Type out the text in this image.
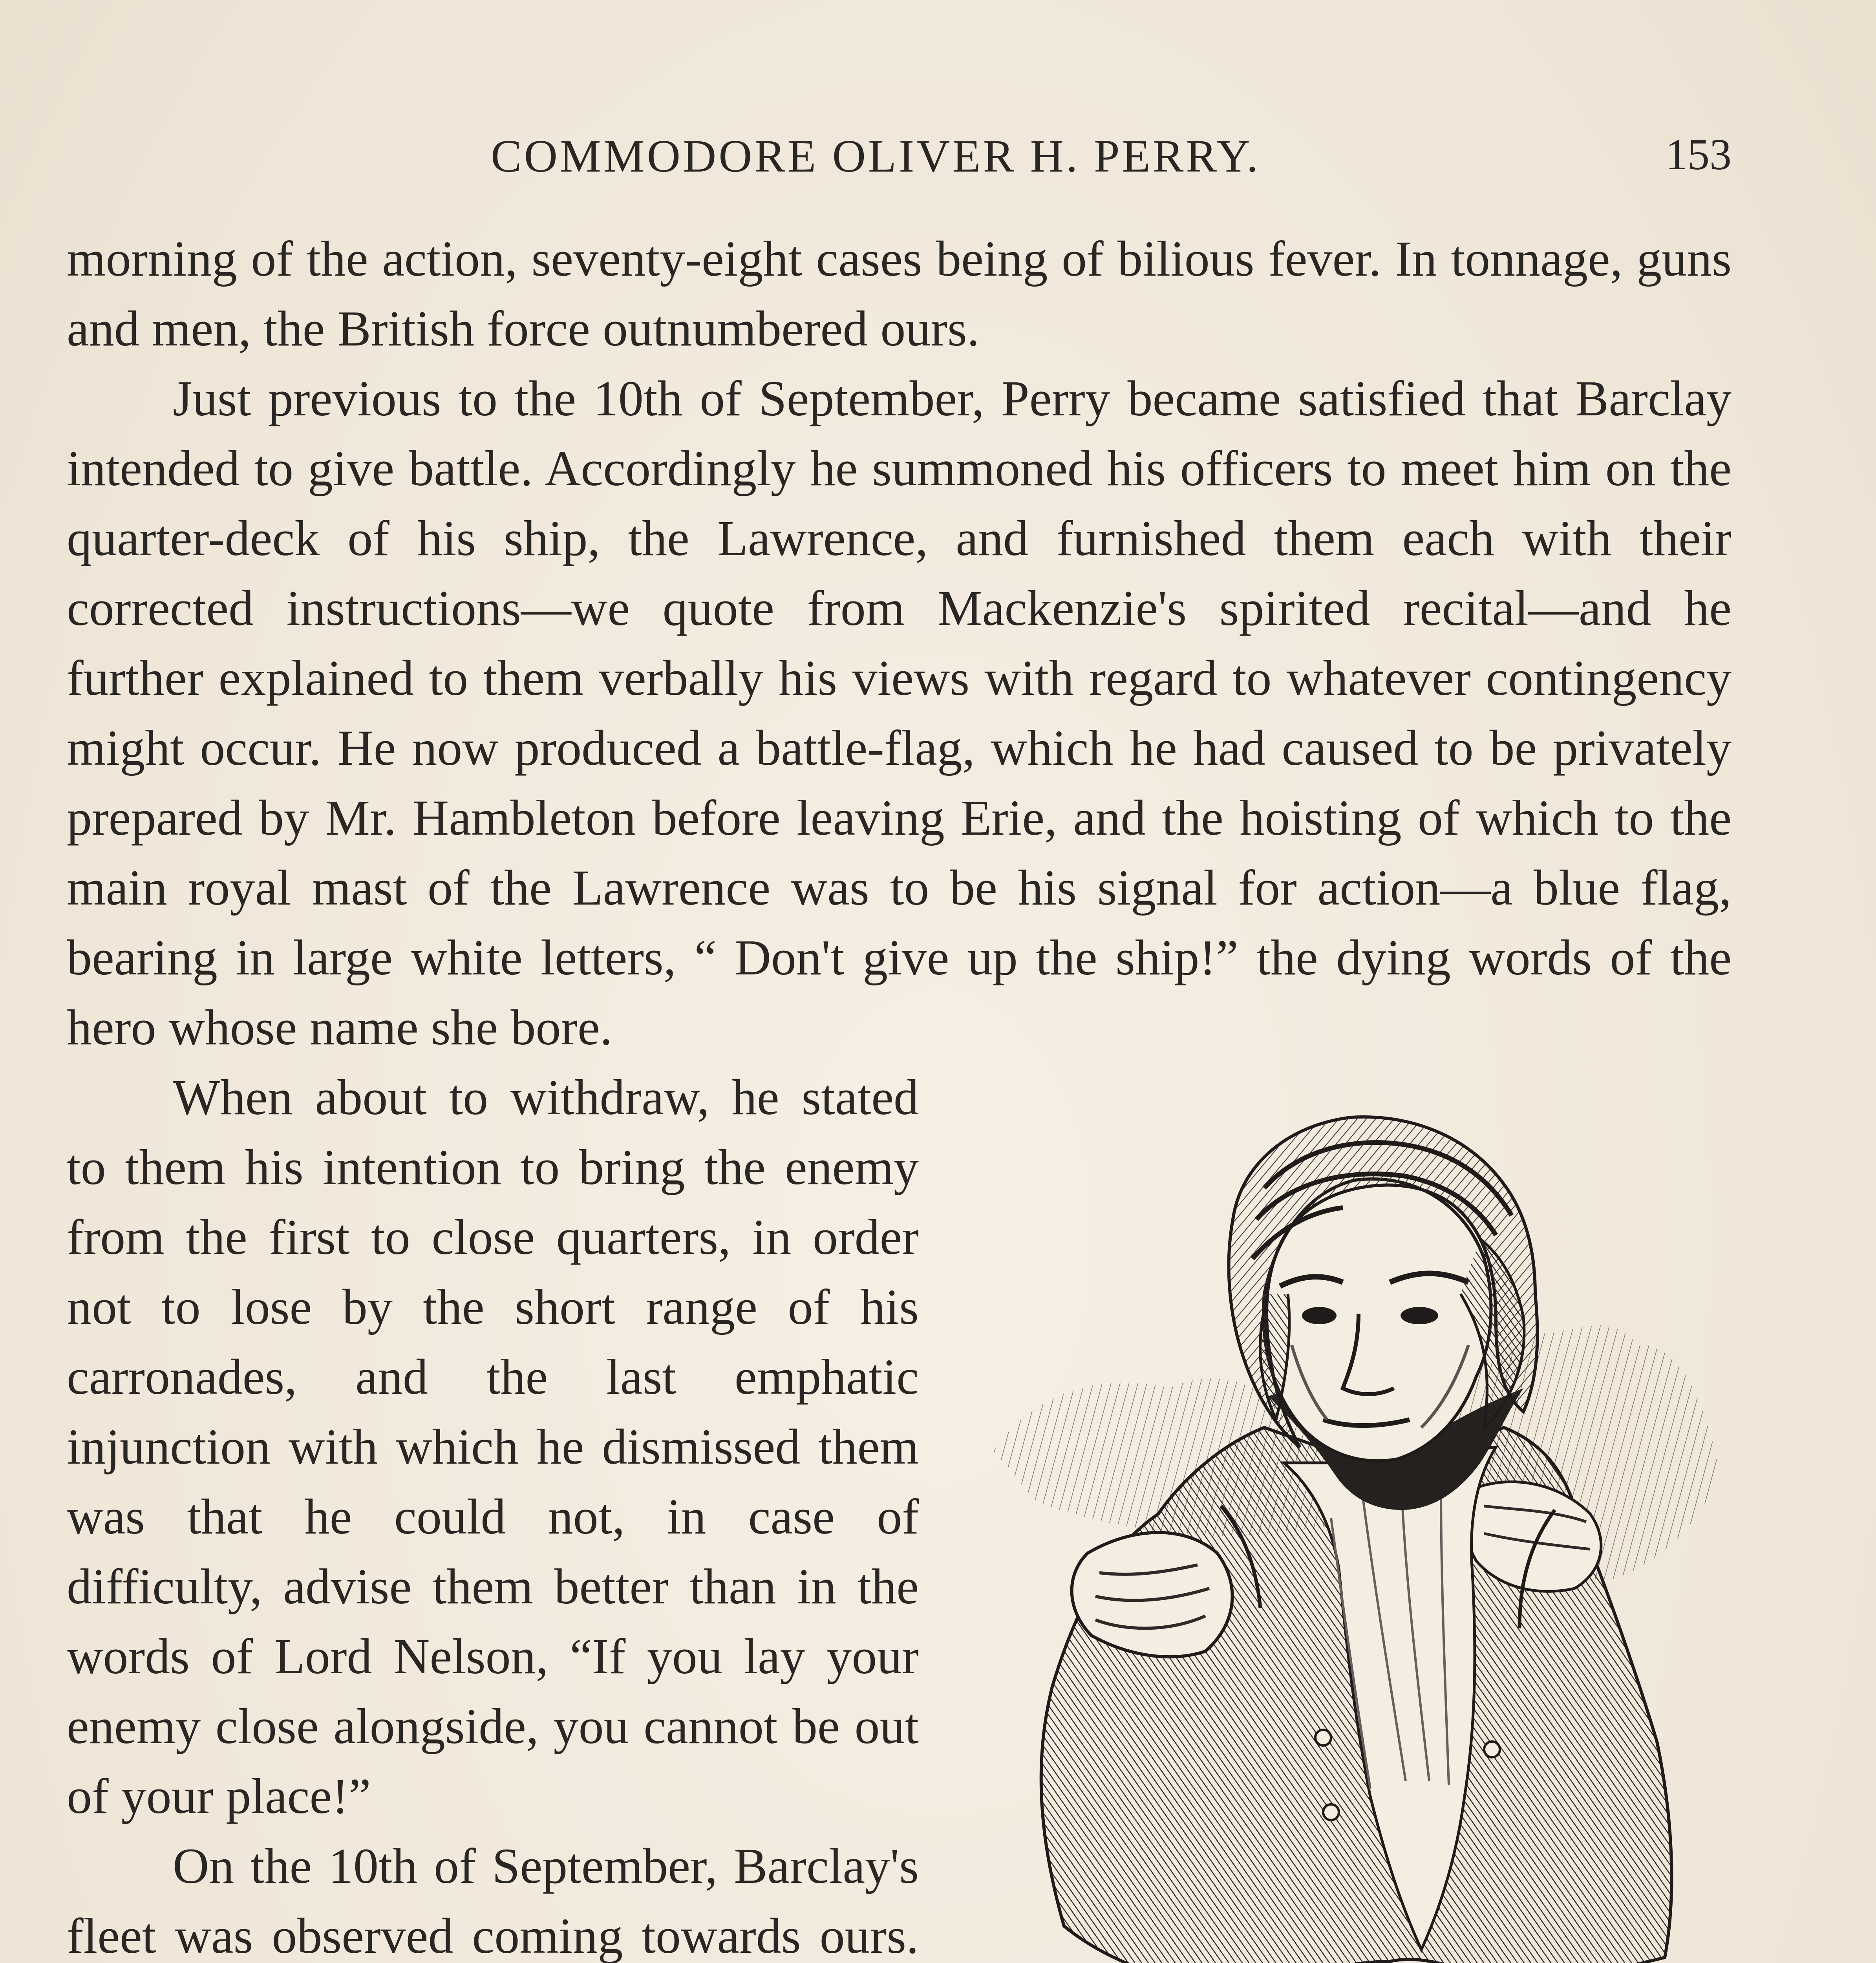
COMMODORE OLIVER H. PERRY.	153

morning of the action, seventy-eight cases being of bilious fever. In tonnage, guns and men, the British force outnumbered ours.

Just previous to the 10th of September, Perry became satisfied that Barclay intended to give battle. Accordingly he summoned his officers to meet him on the quarter-deck of his ship, the Lawrence, and furnished them each with their corrected instructions—we quote from Mackenzie's spirited recital—and he further explained to them verbally his views with regard to whatever contingency might occur. He now produced a battle-flag, which he had caused to be privately prepared by Mr. Hambleton before leaving Erie, and the hoisting of which to the main royal mast of the Lawrence was to be his signal for action—a blue flag, bearing in large white letters, “ Don't give up the ship!” the dying words of the hero whose name she bore.

When about to withdraw, he stated to them his intention to bring the enemy from the first to close quarters, in order not to lose by the short range of his carronades, and the last emphatic injunction with which he dismissed them was that he could not, in case of difficulty, advise them better than in the words of Lord Nelson, “If you lay your enemy close alongside, you cannot be out of your place!”

On the 10th of September, Barclay's fleet was observed coming towards ours.
